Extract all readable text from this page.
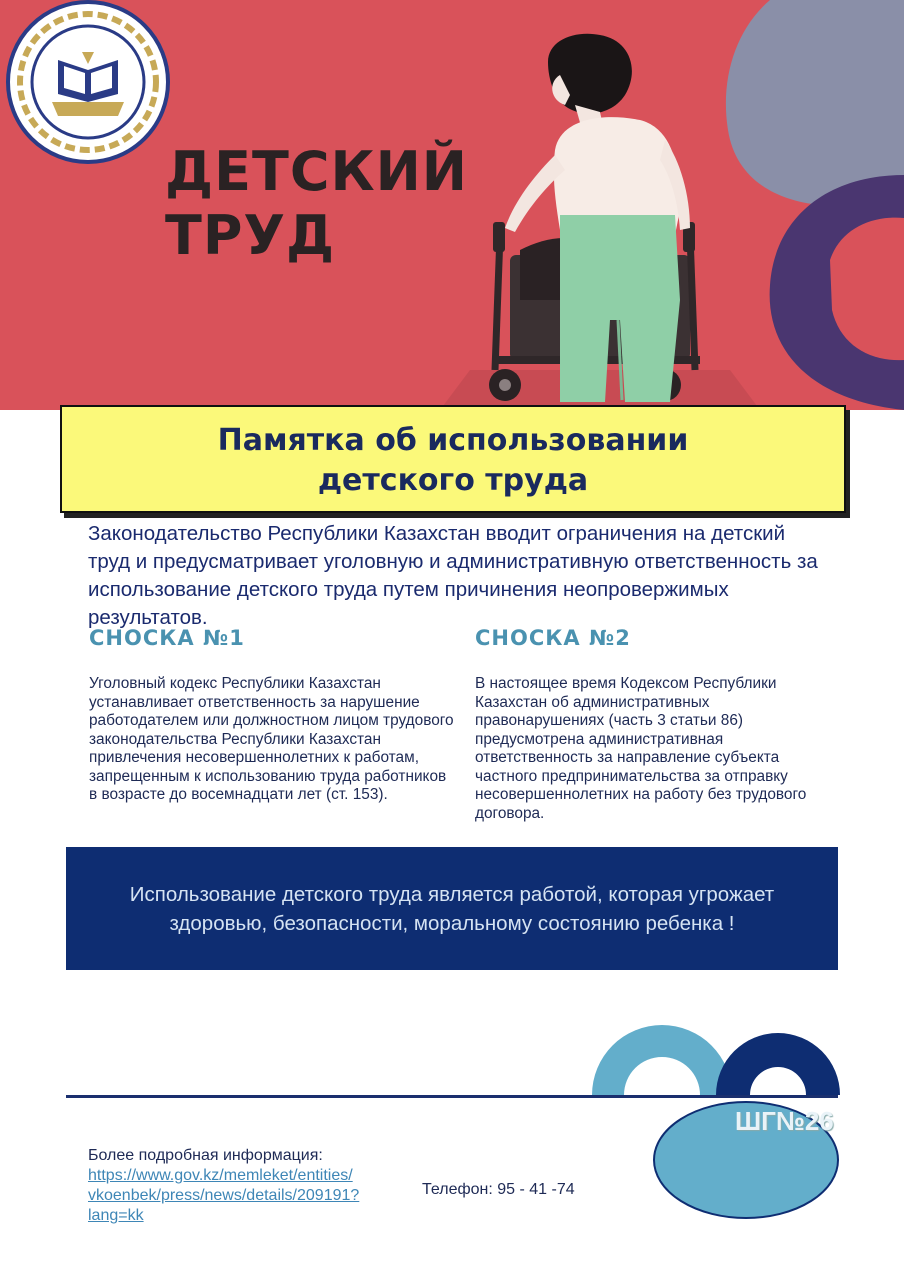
ДЕТСКИЙ
ТРУД
Памятка об использовании
детского труда
Законодательство Республики Казахстан вводит ограничения на детский труд и предусматривает уголовную и административную ответственность за использование детского труда путем причинения неопровержимых результатов.
СНОСКА №1
Уголовный кодекс Республики Казахстан устанавливает ответственность за нарушение работодателем или должностном лицом трудового законодательства Республики Казахстан привлечения несовершеннолетних к работам, запрещенным к использованию труда работников в возрасте до восемнадцати лет (ст. 153).
СНОСКА №2
В настоящее время Кодексом Республики Казахстан об административных правонарушениях (часть 3 статьи 86) предусмотрена административная ответственность за направление субъекта частного предпринимательства за отправку несовершеннолетних на работу без трудового договора.
Использование детского труда является работой, которая угрожает здоровью, безопасности, моральному состоянию ребенка !
ШГ№26
Более подробная информация:
https://www.gov.kz/memleket/entities/
vkoenbek/press/news/details/209191?
lang=kk
Телефон: 95 - 41 -74
